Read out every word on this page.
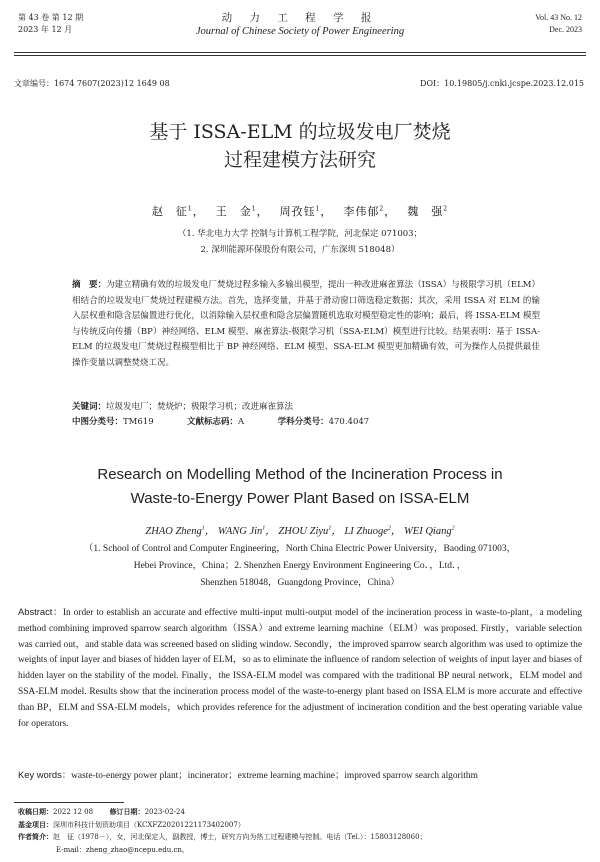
第 43 卷 第 12 期
2023 年 12 月
动 力 工 程 学 报
Journal of Chinese Society of Power Engineering
Vol. 43 No. 12
Dec. 2023
文章编号：1674 7607(2023)12 1649 08	DOI：10.19805/j.cnki.jcspe.2023.12.015
基于 ISSA-ELM 的垃圾发电厂焚烧
过程建模方法研究
赵　征$^1$，　 王　金$^1$，　 周孜钰$^1$，　 李伟郁$^2$，　 魏　强$^2$
（1. 华北电力大学 控制与计算机工程学院，河北保定 071003；
2. 深圳能源环保股份有限公司，广东深圳 518048）
摘　要：为建立精确有效的垃圾发电厂焚烧过程多输入多输出模型，提出一种改进麻雀算法（ISSA）与极限学习机（ELM）相结合的垃圾发电厂焚烧过程建模方法。首先，选择变量，并基于滑动窗口筛选稳定数据；其次，采用 ISSA 对 ELM 的输入层权重和隐含层偏置进行优化，以消除输入层权重和隐含层偏置随机选取对模型稳定性的影响；最后，将 ISSA-ELM 模型与传统反向传播（BP）神经网络、ELM 模型、麻雀算法-极限学习机（SSA-ELM）模型进行比较。结果表明：基于 ISSA-ELM 的垃圾发电厂焚烧过程模型相比于 BP 神经网络、ELM 模型、SSA-ELM 模型更加精确有效，可为操作人员提供最佳操作变量以调整焚烧工况。
关键词：垃圾发电厂；焚烧炉；极限学习机；改进麻雀算法
中图分类号：TM619	文献标志码：A	学科分类号：470.4047
Research on Modelling Method of the Incineration Process in
Waste-to-Energy Power Plant Based on ISSA-ELM
ZHAO Zheng$^1$， WANG Jin$^1$， ZHOU Ziyu$^1$， LI Zhuoge$^2$， WEI Qiang$^2$
（1. School of Control and Computer Engineering，North China Electric Power University，Baoding 071003，
Hebei Province，China；2. Shenzhen Energy Environment Engineering Co．，Ltd．，
Shenzhen 518048，Guangdong Province，China）
Abstract：In order to establish an accurate and effective multi-input multi-output model of the incineration process in waste-to-plant，a modeling method combining improved sparrow search algorithm（ISSA）and extreme learning machine（ELM）was proposed. Firstly，variable selection was carried out，and stable data was screened based on sliding window. Secondly，the improved sparrow search algorithm was used to optimize the weights of input layer and biases of hidden layer of ELM，so as to eliminate the influence of random selection of weights of input layer and biases of hidden layer on the stability of the model. Finally，the ISSA-ELM model was compared with the traditional BP neural network，ELM model and SSA-ELM model. Results show that the incineration process model of the waste-to-energy plant based on ISSA ELM is more accurate and effective than BP，ELM and SSA-ELM models，which provides reference for the adjustment of incineration condition and the best operating variable value for operators.
Key words：waste-to-energy power plant；incinerator；extreme learning machine；improved sparrow search algorithm
收稿日期：2022 12 08 修订日期：2023-02-24
基金项目：深圳市科技计划资助项目（KCXFZ20201221173402007）
作者简介：赵　征（1978－），女，河北保定人，副教授，博士，研究方向为热工过程建模与控制。电话（Tel.）：15803128060；
E-mail：zheng_zhao@ncepu.edu.cn。
